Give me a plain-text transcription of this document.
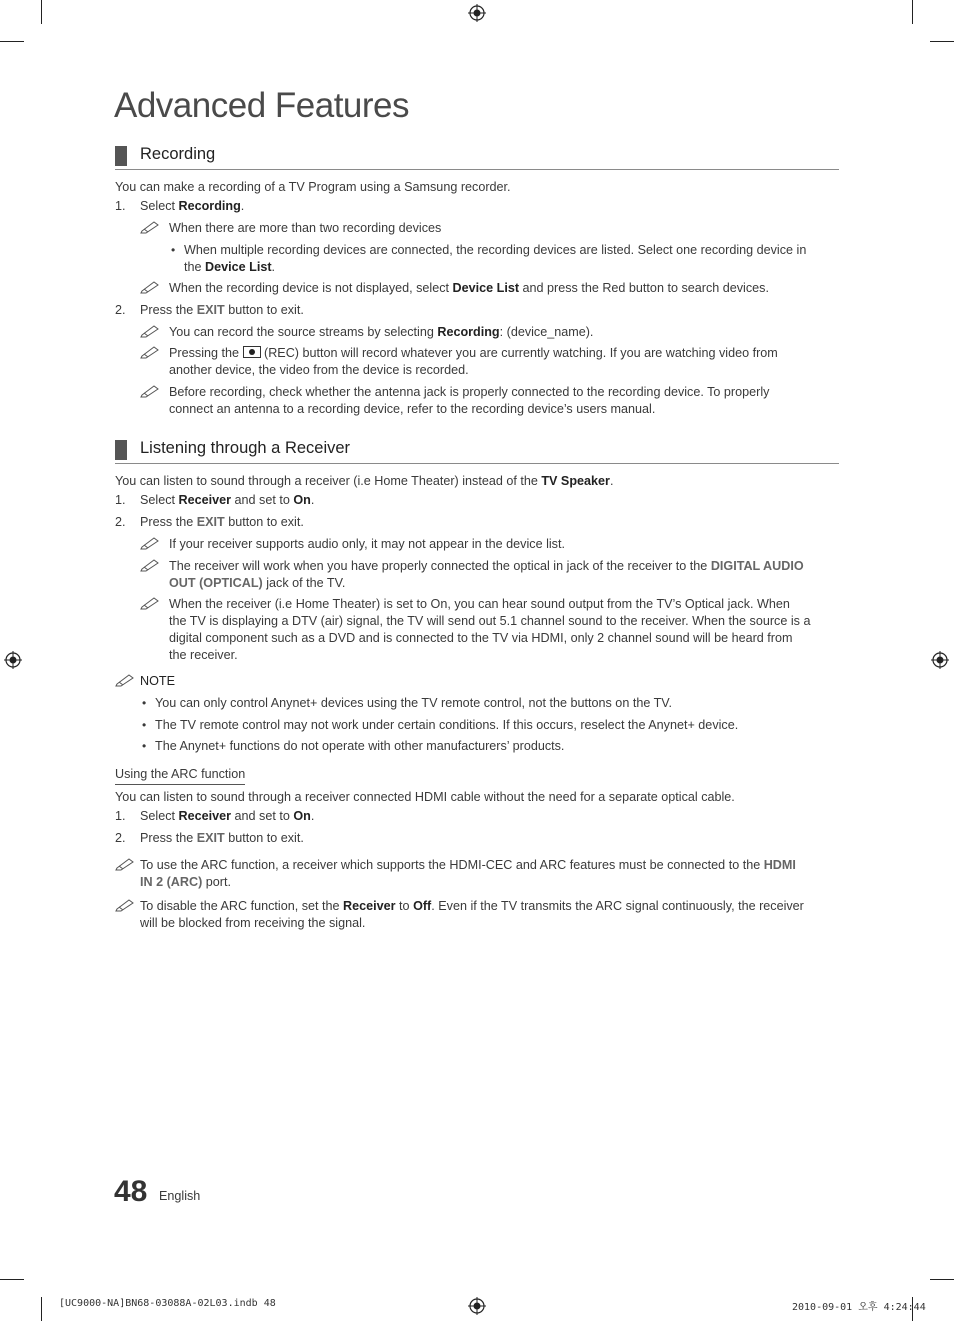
Advanced Features
Recording
You can make a recording of a TV Program using a Samsung recorder.
1. Select Recording.
When there are more than two recording devices
• When multiple recording devices are connected, the recording devices are listed. Select one recording device in
the Device List.
When the recording device is not displayed, select Device List and press the Red button to search devices.
2. Press the EXIT button to exit.
You can record the source streams by selecting Recording: (device_name).
Pressing the
(REC) button will record whatever you are currently watching. If you are watching video from
another device, the video from the device is recorded.
Before recording, check whether the antenna jack is properly connected to the recording device. To properly
connect an antenna to a recording device, refer to the recording device’s users manual.
Listening through a Receiver
You can listen to sound through a receiver (i.e Home Theater) instead of the TV Speaker.
1. Select Receiver and set to On.
2. Press the EXIT button to exit.
If your receiver supports audio only, it may not appear in the device list.
The receiver will work when you have properly connected the optical in jack of the receiver to the DIGITAL AUDIO
OUT (OPTICAL) jack of the TV.
When the receiver (i.e Home Theater) is set to On, you can hear sound output from the TV’s Optical jack. When
the TV is displaying a DTV (air) signal, the TV will send out 5.1 channel sound to the receiver. When the source is a
digital component such as a DVD and is connected to the TV via HDMI, only 2 channel sound will be heard from
the receiver.
NOTE
• You can only control Anynet+ devices using the TV remote control, not the buttons on the TV.
• The TV remote control may not work under certain conditions. If this occurs, reselect the Anynet+ device.
• The Anynet+ functions do not operate with other manufacturers’ products.
Using the ARC function
You can listen to sound through a receiver connected HDMI cable without the need for a separate optical cable.
1. Select Receiver and set to On.
2. Press the EXIT button to exit.
To use the ARC function, a receiver which supports the HDMI-CEC and ARC features must be connected to the HDMI
IN 2 (ARC) port.
To disable the ARC function, set the Receiver to Off. Even if the TV transmits the ARC signal continuously, the receiver
will be blocked from receiving the signal.
48 English
[UC9000-NA]BN68-03088A-02L03.indb 48	2010-09-01 오후 4:24:44
